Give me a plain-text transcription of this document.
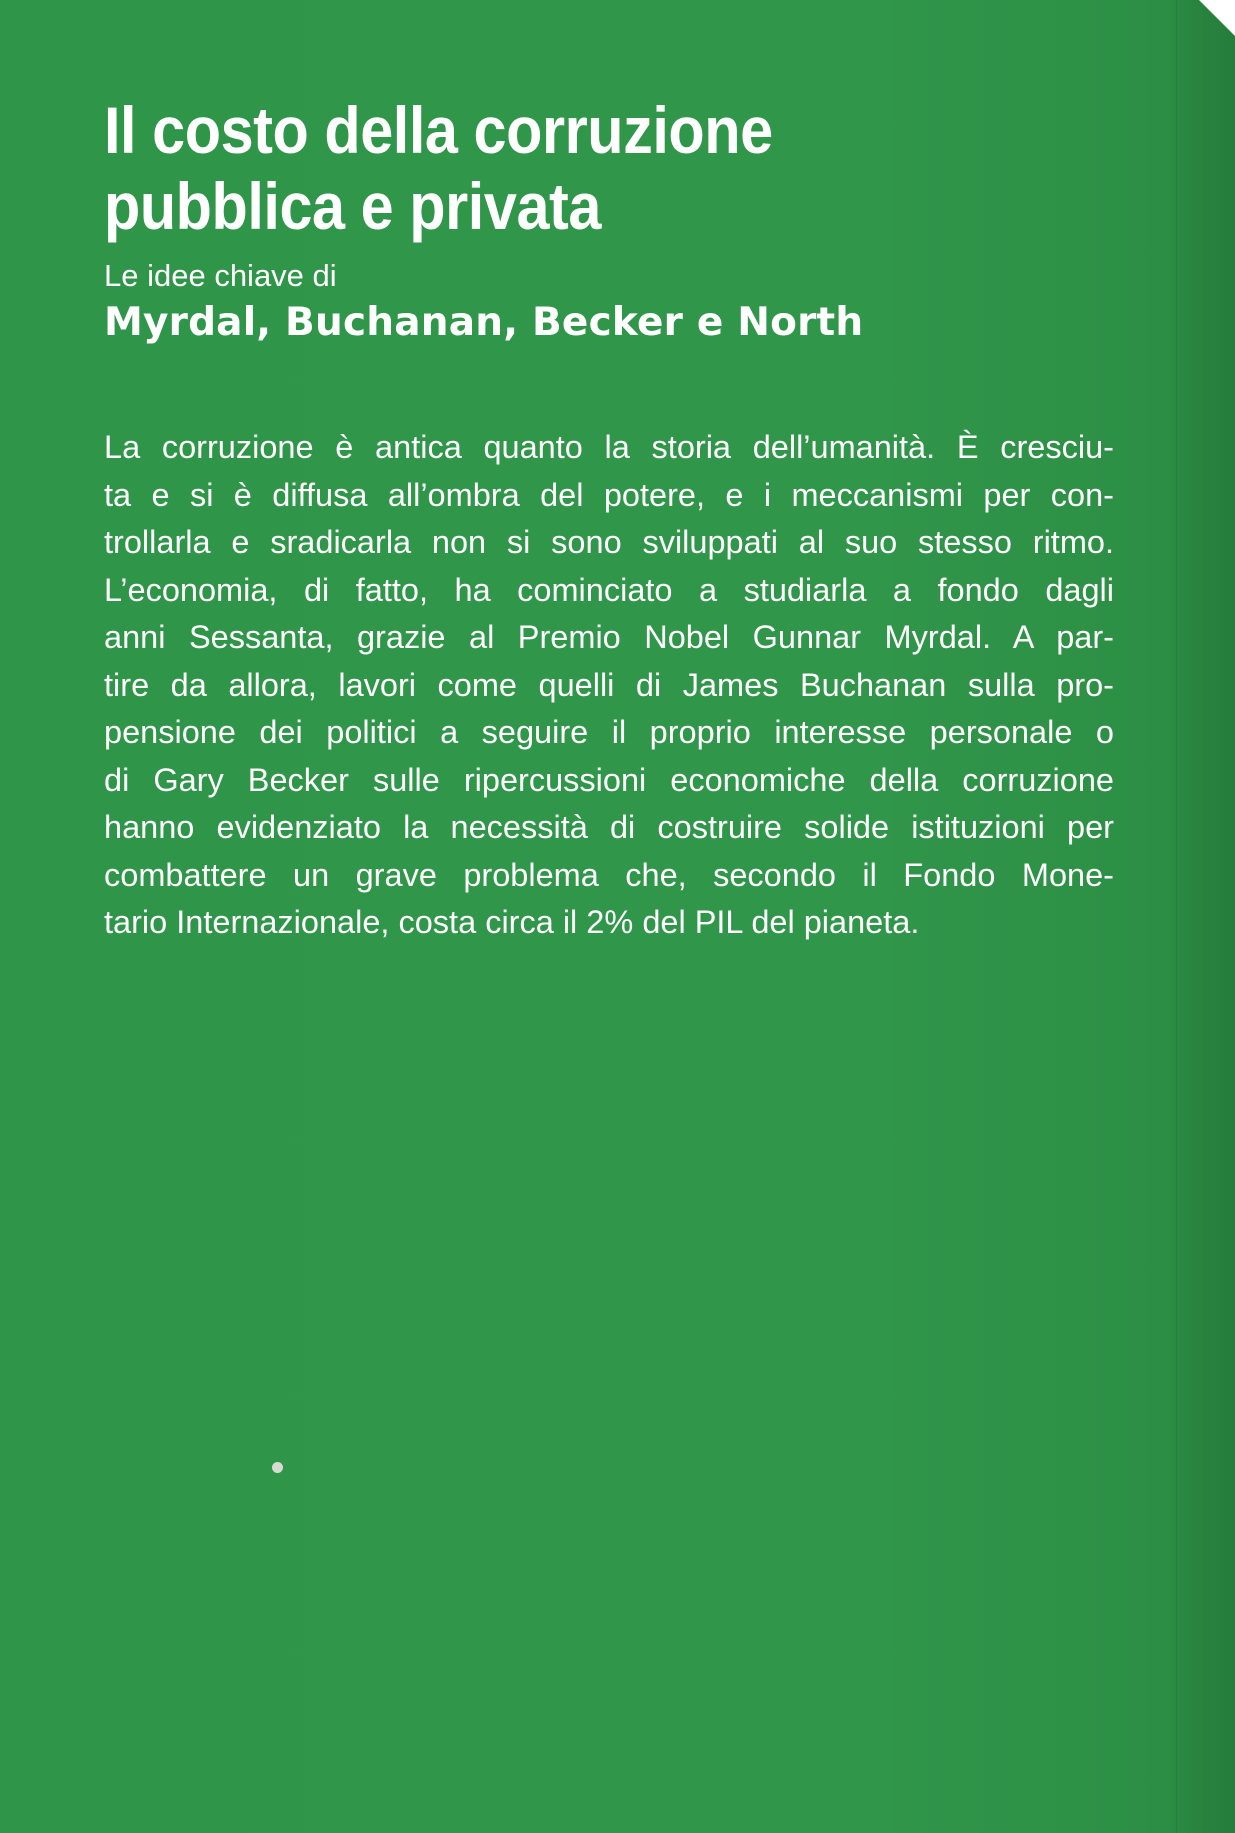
Il costo della corruzione
pubblica e privata

Le idee chiave di

Myrdal, Buchanan, Becker e North

La corruzione è antica quanto la storia dell’umanità. È cresciu-
ta e si è diffusa all’ombra del potere, e i meccanismi per con-
trollarla e sradicarla non si sono sviluppati al suo stesso ritmo.
L’economia, di fatto, ha cominciato a studiarla a fondo dagli
anni Sessanta, grazie al Premio Nobel Gunnar Myrdal. A par-
tire da allora, lavori come quelli di James Buchanan sulla pro-
pensione dei politici a seguire il proprio interesse personale o
di Gary Becker sulle ripercussioni economiche della corruzione
hanno evidenziato la necessità di costruire solide istituzioni per
combattere un grave problema che, secondo il Fondo Mone-
tario Internazionale, costa circa il 2% del PIL del pianeta.
